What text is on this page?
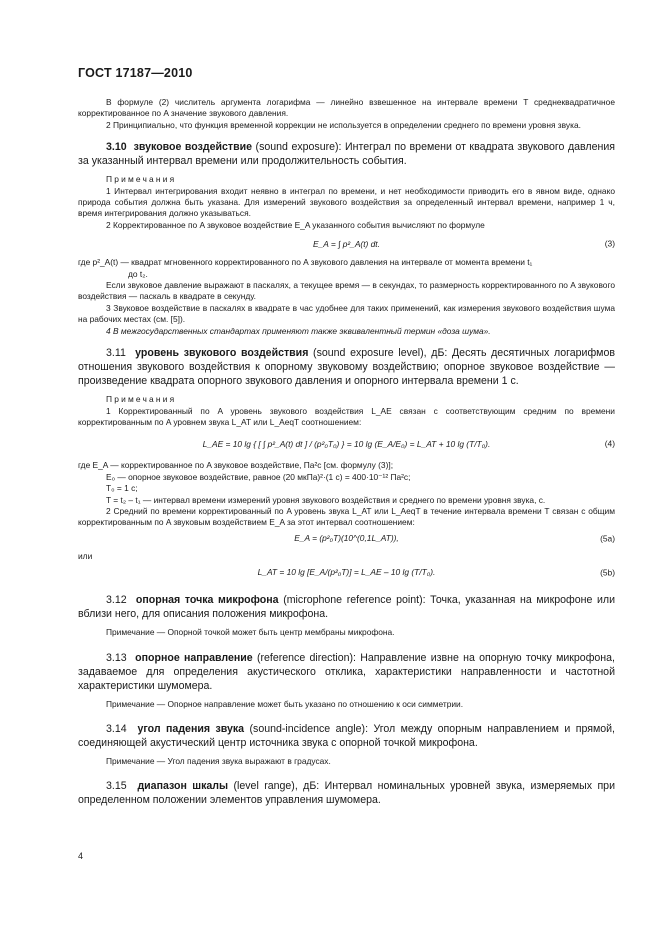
ГОСТ 17187—2010

В формуле (2) числитель аргумента логарифма — линейно взвешенное на интервале времени T среднеквадратичное корректированное по A значение звукового давления.

2 Принципиально, что функция временной коррекции не используется в определении среднего по времени уровня звука.

3.10 звуковое воздействие (sound exposure): Интеграл по времени от квадрата звукового давления за указанный интервал времени или продолжительность события.

Примечания

1 Интервал интегрирования входит неявно в интеграл по времени, и нет необходимости приводить его в явном виде, однако природа события должна быть указана. Для измерений звукового воздействия за определенный интервал времени, например 1 ч, время интегрирования должно указываться.

2 Корректированное по A звуковое воздействие E_A указанного события вычисляют по формуле

E_A = ∫ p²_A(t) dt.	(3)

где p²_A(t) — квадрат мгновенного корректированного по A звукового давления на интервале от момента времени t₁

до t₂.

Если звуковое давление выражают в паскалях, а текущее время — в секундах, то размерность корректированного по A звукового воздействия — паскаль в квадрате в секунду.

3 Звуковое воздействие в паскалях в квадрате в час удобнее для таких применений, как измерения звукового воздействия шума на рабочих местах (см. [5]).

4 В межгосударственных стандартах применяют также эквивалентный термин «доза шума».

3.11 уровень звукового воздействия (sound exposure level), дБ: Десять десятичных логарифмов отношения звукового воздействия к опорному звуковому воздействию; опорное звуковое воздействие — произведение квадрата опорного звукового давления и опорного интервала времени 1 с.

Примечания

1 Корректированный по A уровень звукового воздействия L_AE связан с соответствующим средним по времени корректированным по A уровнем звука L_AT или L_AeqT соотношением:

L_AE = 10 lg { [ ∫ p²_A(t) dt ] / (p²₀T₀) } = 10 lg (E_A/E₀) = L_AT + 10 lg (T/T₀).	(4)

где E_A — корректированное по A звуковое воздействие, Па²с [см. формулу (3)];

E₀ — опорное звуковое воздействие, равное (20 мкПа)²·(1 с) = 400·10⁻¹² Па²с;

T₀ = 1 с;

T = t₂ – t₁ — интервал времени измерений уровня звукового воздействия и среднего по времени уровня звука, с.

2 Средний по времени корректированный по A уровень звука L_AT или L_AeqT в течение интервала времени T связан с общим корректированным по A звуковым воздействием E_A за этот интервал соотношением:

E_A = (p²₀T)(10^(0,1L_AT)),	(5a)

или

L_AT = 10 lg [E_A/(p²₀T)] = L_AE – 10 lg (T/T₀).	(5b)

3.12 опорная точка микрофона (microphone reference point): Точка, указанная на микрофоне или вблизи него, для описания положения микрофона.

Примечание — Опорной точкой может быть центр мембраны микрофона.

3.13 опорное направление (reference direction): Направление извне на опорную точку микрофона, задаваемое для определения акустического отклика, характеристики направленности и частотной характеристики шумомера.

Примечание — Опорное направление может быть указано по отношению к оси симметрии.

3.14 угол падения звука (sound-incidence angle): Угол между опорным направлением и прямой, соединяющей акустический центр источника звука с опорной точкой микрофона.

Примечание — Угол падения звука выражают в градусах.

3.15 диапазон шкалы (level range), дБ: Интервал номинальных уровней звука, измеряемых при определенном положении элементов управления шумомера.

4
